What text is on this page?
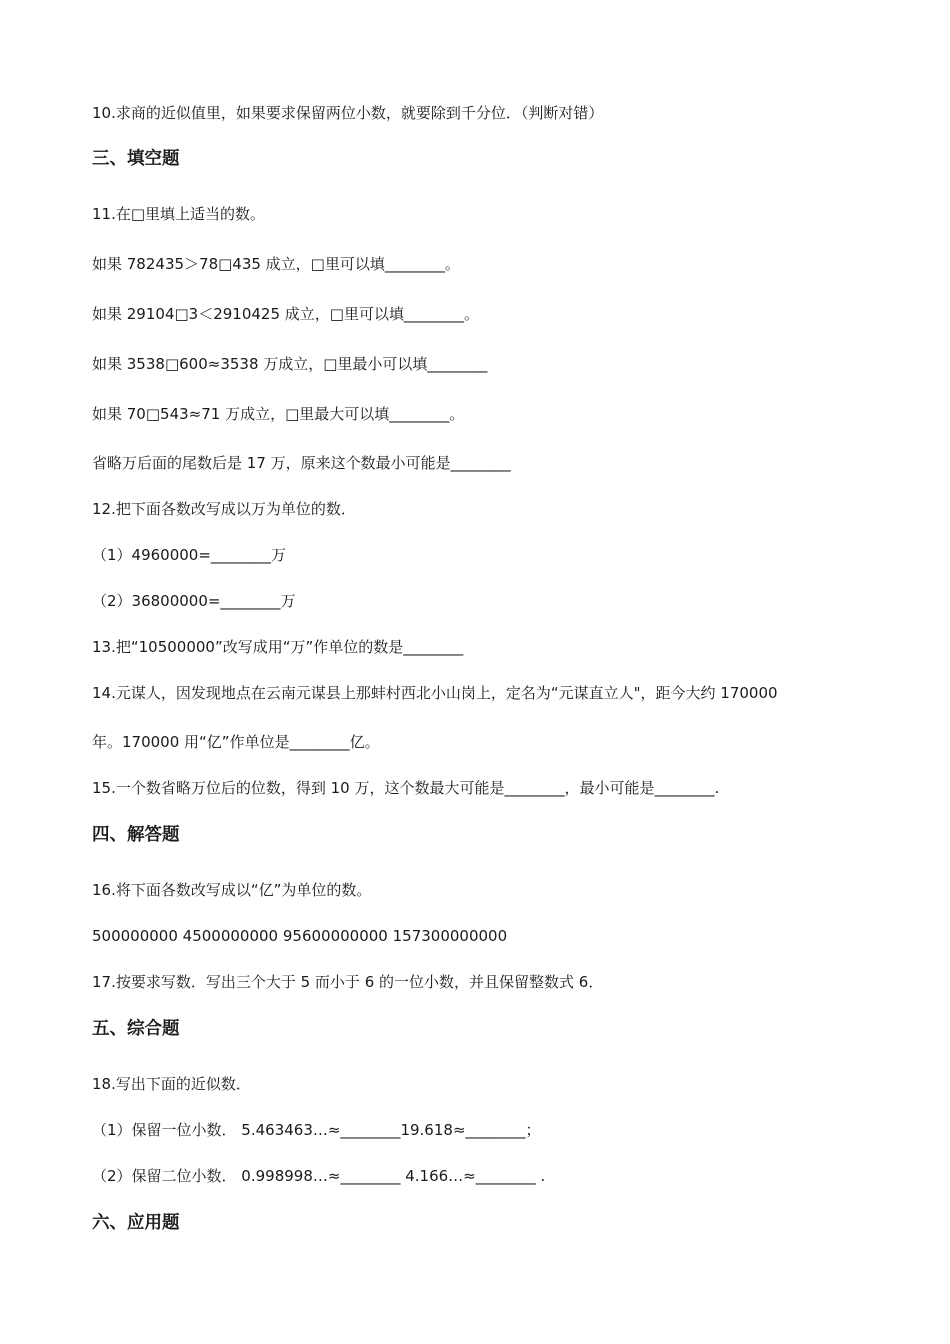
10.求商的近似值里，如果要求保留两位小数，就要除到千分位．（判断对错）
三、填空题
11.在□里填上适当的数。
如果 782435＞78□435 成立，□里可以填________。
如果 29104□3＜2910425 成立，□里可以填________。
如果 3538□600≈3538 万成立，□里最小可以填________
如果 70□543≈71 万成立，□里最大可以填________。
省略万后面的尾数后是 17 万，原来这个数最小可能是________
12.把下面各数改写成以万为单位的数．
（1）4960000=________万
（2）36800000=________万
13.把“10500000”改写成用“万”作单位的数是________
14.元谋人，因发现地点在云南元谋县上那蚌村西北小山岗上，定名为“元谋直立人"，距今大约 170000
年。170000 用“亿”作单位是________亿。
15.一个数省略万位后的位数，得到 10 万，这个数最大可能是________，最小可能是________.
四、解答题
16.将下面各数改写成以“亿”为单位的数。
500000000 4500000000 95600000000 157300000000
17.按要求写数．写出三个大于 5 而小于 6 的一位小数，并且保留整数式 6．
五、综合题
18.写出下面的近似数．
（1）保留一位小数． 5.463463…≈________19.618≈________；
（2）保留二位小数． 0.998998…≈________ 4.166…≈________ .
六、应用题
